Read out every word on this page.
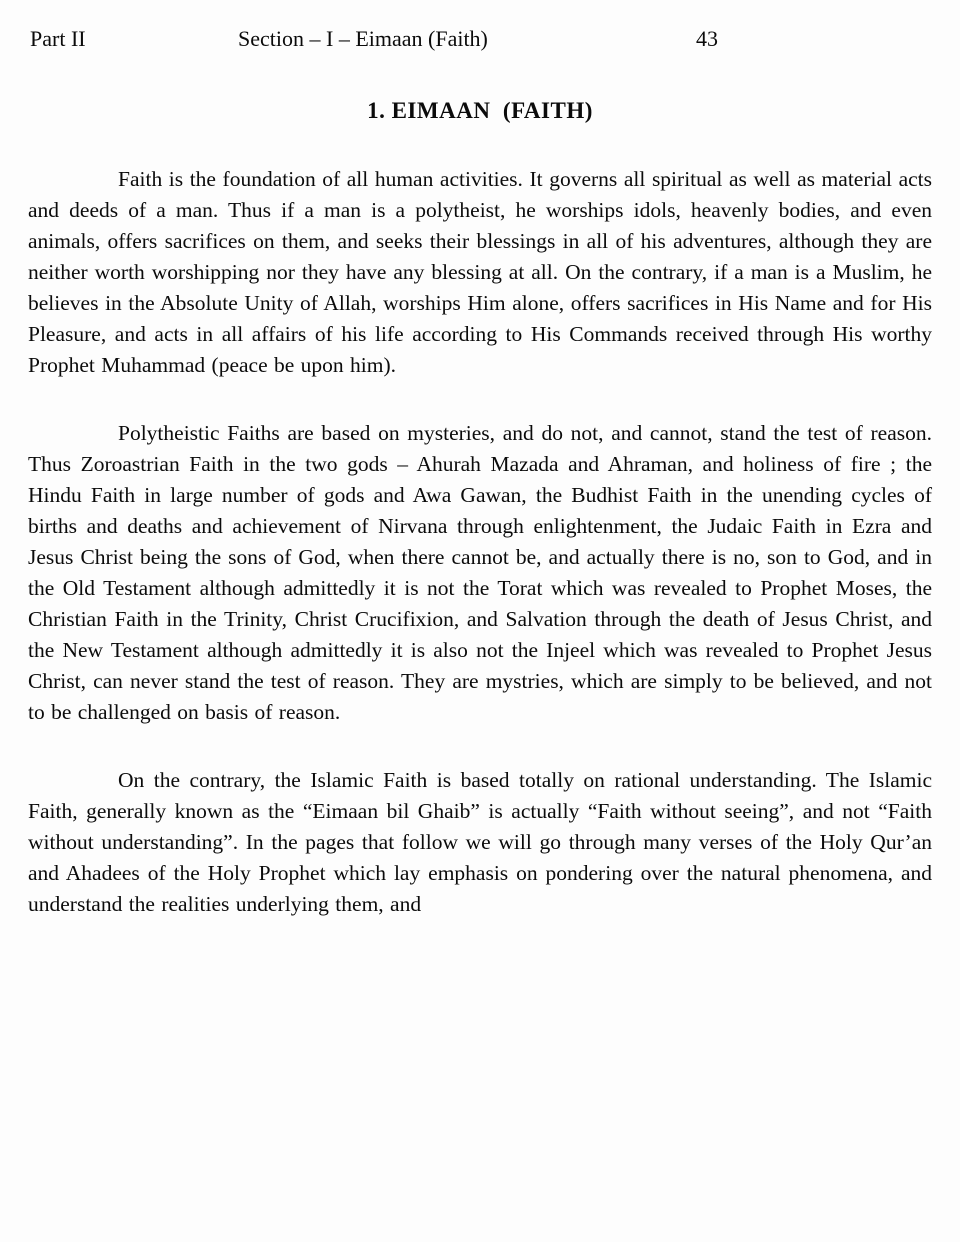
Part II	Section – I – Eimaan (Faith)	43
1. EIMAAN  (FAITH)

Faith is the foundation of all human activities. It governs all spiritual as well as material acts and deeds of a man. Thus if a man is a polytheist, he worships idols, heavenly bodies, and even animals, offers sacrifices on them, and seeks their blessings in all of his adventures, although they are neither worth worshipping nor they have any blessing at all. On the contrary, if a man is a Muslim, he believes in the Absolute Unity of Allah, worships Him alone, offers sacrifices in His Name and for His Pleasure, and acts in all affairs of his life according to His Commands received through His worthy Prophet Muhammad (peace be upon him).

Polytheistic Faiths are based on mysteries, and do not, and cannot, stand the test of reason. Thus Zoroastrian Faith in the two gods – Ahurah Mazada and Ahraman, and holiness of fire ; the Hindu Faith in large number of gods and Awa Gawan, the Budhist Faith in the unending cycles of births and deaths and achievement of Nirvana through enlightenment, the Judaic Faith in Ezra and Jesus Christ being the sons of God, when there cannot be, and actually there is no, son to God, and in the Old Testament although admittedly it is not the Torat which was revealed to Prophet Moses, the Christian Faith in the Trinity, Christ Crucifixion, and Salvation through the death of Jesus Christ, and the New Testament although admittedly it is also not the Injeel which was revealed to Prophet Jesus Christ, can never stand the test of reason. They are mystries, which are simply to be believed, and not to be challenged on basis of reason.

On the contrary, the Islamic Faith is based totally on rational understanding. The Islamic Faith, generally known as the “Eimaan bil Ghaib” is actually “Faith without seeing”, and not “Faith without understanding”. In the pages that follow we will go through many verses of the Holy Qur’an and Ahadees of the Holy Prophet which lay emphasis on pondering over the natural phenomena, and understand the realities underlying them, and
